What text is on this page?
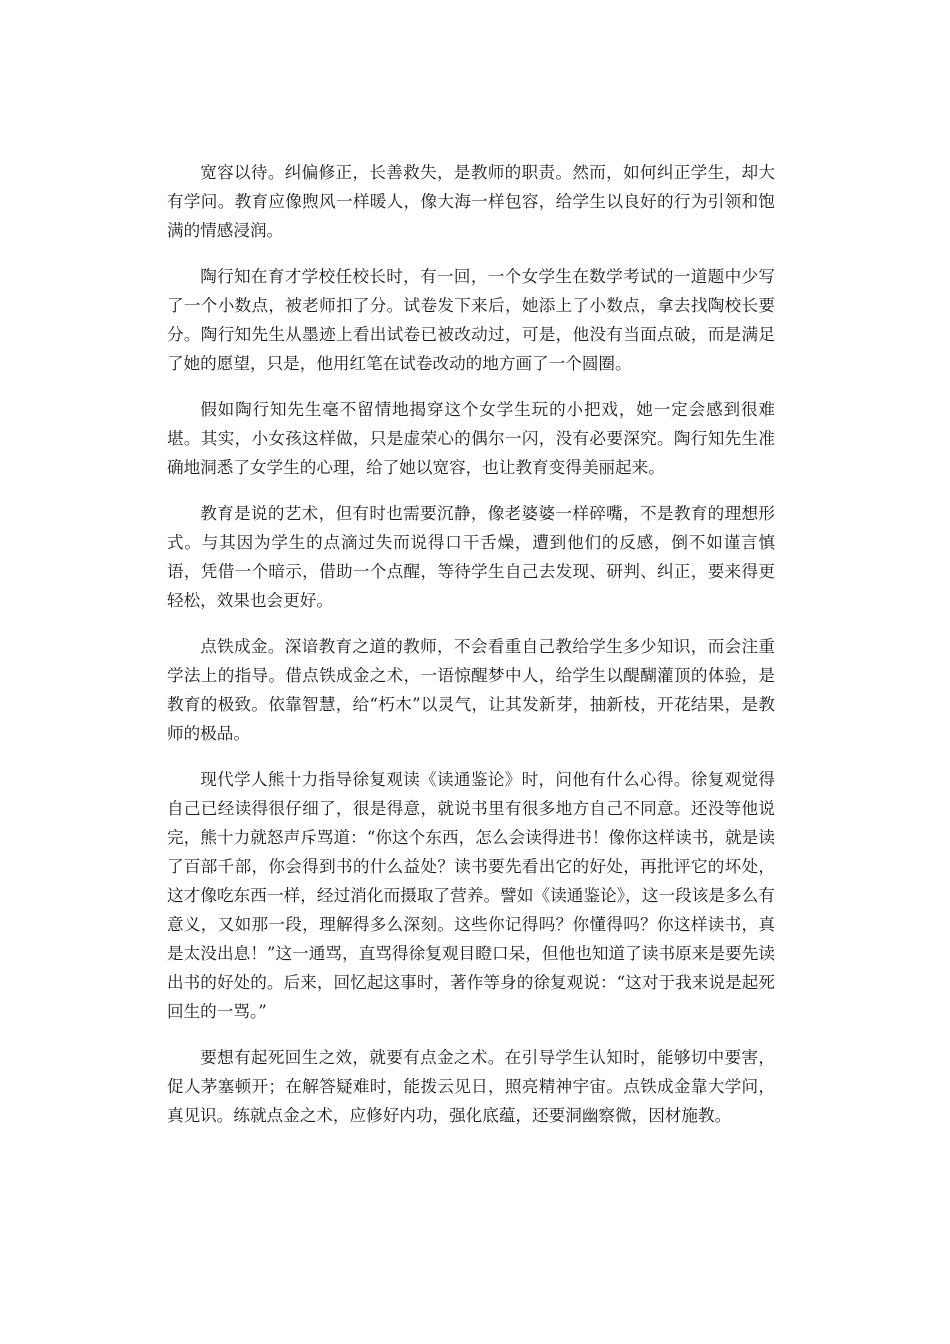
宽容以待。纠偏修正，长善救失，是教师的职责。然而，如何纠正学生，却大有学问。教育应像煦风一样暖人，像大海一样包容，给学生以良好的行为引领和饱满的情感浸润。

陶行知在育才学校任校长时，有一回，一个女学生在数学考试的一道题中少写了一个小数点，被老师扣了分。试卷发下来后，她添上了小数点，拿去找陶校长要分。陶行知先生从墨迹上看出试卷已被改动过，可是，他没有当面点破，而是满足了她的愿望，只是，他用红笔在试卷改动的地方画了一个圆圈。

假如陶行知先生毫不留情地揭穿这个女学生玩的小把戏，她一定会感到很难堪。其实，小女孩这样做，只是虚荣心的偶尔一闪，没有必要深究。陶行知先生准确地洞悉了女学生的心理，给了她以宽容，也让教育变得美丽起来。

教育是说的艺术，但有时也需要沉静，像老婆婆一样碎嘴，不是教育的理想形式。与其因为学生的点滴过失而说得口干舌燥，遭到他们的反感，倒不如谨言慎语，凭借一个暗示，借助一个点醒，等待学生自己去发现、研判、纠正，要来得更轻松，效果也会更好。

点铁成金。深谙教育之道的教师，不会看重自己教给学生多少知识，而会注重学法上的指导。借点铁成金之术，一语惊醒梦中人，给学生以醍醐灌顶的体验，是教育的极致。依靠智慧，给“朽木”以灵气，让其发新芽，抽新枝，开花结果，是教师的极品。

现代学人熊十力指导徐复观读《读通鉴论》时，问他有什么心得。徐复观觉得自己已经读得很仔细了，很是得意，就说书里有很多地方自己不同意。还没等他说完，熊十力就怒声斥骂道：“你这个东西，怎么会读得进书！像你这样读书，就是读了百部千部，你会得到书的什么益处？读书要先看出它的好处，再批评它的坏处，这才像吃东西一样，经过消化而摄取了营养。譬如《读通鉴论》，这一段该是多么有意义，又如那一段，理解得多么深刻。这些你记得吗？你懂得吗？你这样读书，真是太没出息！”这一通骂，直骂得徐复观目瞪口呆，但他也知道了读书原来是要先读出书的好处的。后来，回忆起这事时，著作等身的徐复观说：“这对于我来说是起死回生的一骂。”

要想有起死回生之效，就要有点金之术。在引导学生认知时，能够切中要害，促人茅塞顿开；在解答疑难时，能拨云见日，照亮精神宇宙。点铁成金靠大学问，真见识。练就点金之术，应修好内功，强化底蕴，还要洞幽察微，因材施教。
